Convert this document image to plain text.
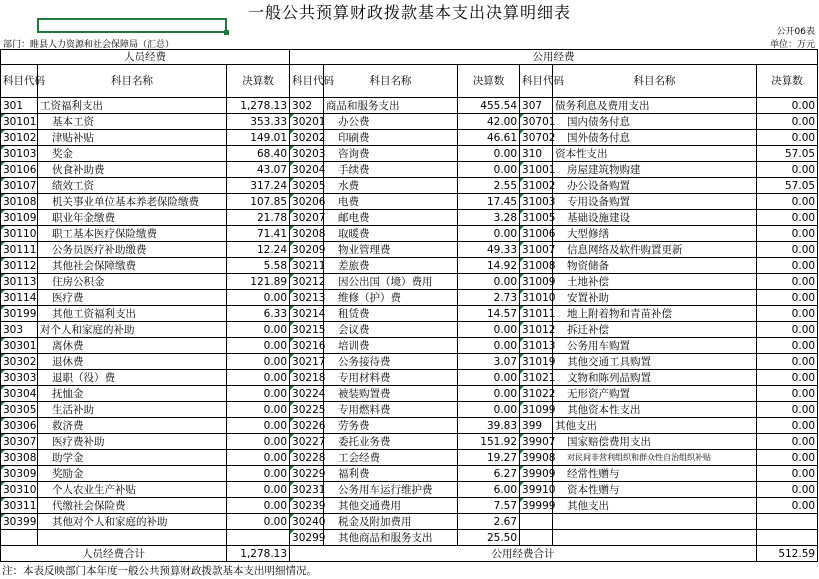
一般公共预算财政拨款基本支出决算明细表
公开06表
部门：睢县人力资源和社会保障局（汇总）	单位：万元
人员经费			公用经费					
科目代码	科目名称	决算数	科目代码	科目名称	决算数	科目代码	科目名称	决算数
301	工资福利支出	1,278.13	302	商品和服务支出	455.54	307	债务利息及费用支出	0.00
30101	基本工资	353.33	30201	办公费	42.00	30701	国内债务付息	0.00
30102	津贴补贴	149.01	30202	印刷费	46.61	30702	国外债务付息	0.00
30103	奖金	68.40	30203	咨询费	0.00	310	资本性支出	57.05
30106	伙食补助费	43.07	30204	手续费	0.00	31001	房屋建筑物购建	0.00
30107	绩效工资	317.24	30205	水费	2.55	31002	办公设备购置	57.05
30108	机关事业单位基本养老保险缴费	107.85	30206	电费	17.45	31003	专用设备购置	0.00
30109	职业年金缴费	21.78	30207	邮电费	3.28	31005	基础设施建设	0.00
30110	职工基本医疗保险缴费	71.41	30208	取暖费	0.00	31006	大型修缮	0.00
30111	公务员医疗补助缴费	12.24	30209	物业管理费	49.33	31007	信息网络及软件购置更新	0.00
30112	其他社会保障缴费	5.58	30211	差旅费	14.92	31008	物资储备	0.00
30113	住房公积金	121.89	30212	因公出国（境）费用	0.00	31009	土地补偿	0.00
30114	医疗费	0.00	30213	维修（护）费	2.73	31010	安置补助	0.00
30199	其他工资福利支出	6.33	30214	租赁费	14.57	31011	地上附着物和青苗补偿	0.00
303	对个人和家庭的补助	0.00	30215	会议费	0.00	31012	拆迁补偿	0.00
30301	离休费	0.00	30216	培训费	0.00	31013	公务用车购置	0.00
30302	退休费	0.00	30217	公务接待费	3.07	31019	其他交通工具购置	0.00
30303	退职（役）费	0.00	30218	专用材料费	0.00	31021	文物和陈列品购置	0.00
30304	抚恤金	0.00	30224	被装购置费	0.00	31022	无形资产购置	0.00
30305	生活补助	0.00	30225	专用燃料费	0.00	31099	其他资本性支出	0.00
30306	救济费	0.00	30226	劳务费	39.83	399	其他支出	0.00
30307	医疗费补助	0.00	30227	委托业务费	151.92	39907	国家赔偿费用支出	0.00
30308	助学金	0.00	30228	工会经费	19.27	39908	对民间非营利组织和群众性自治组织补贴	0.00
30309	奖励金	0.00	30229	福利费	6.27	39909	经常性赠与	0.00
30310	个人农业生产补贴	0.00	30231	公务用车运行维护费	6.00	39910	资本性赠与	0.00
30311	代缴社会保险费	0.00	30239	其他交通费用	7.57	39999	其他支出	0.00
30399	其他对个人和家庭的补助	0.00	30240	税金及附加费用	2.67			
			30299	其他商品和服务支出	25.50			
人员经费合计		1,278.13	公用经费合计					512.59
注：本表反映部门本年度一般公共预算财政拨款基本支出明细情况。
